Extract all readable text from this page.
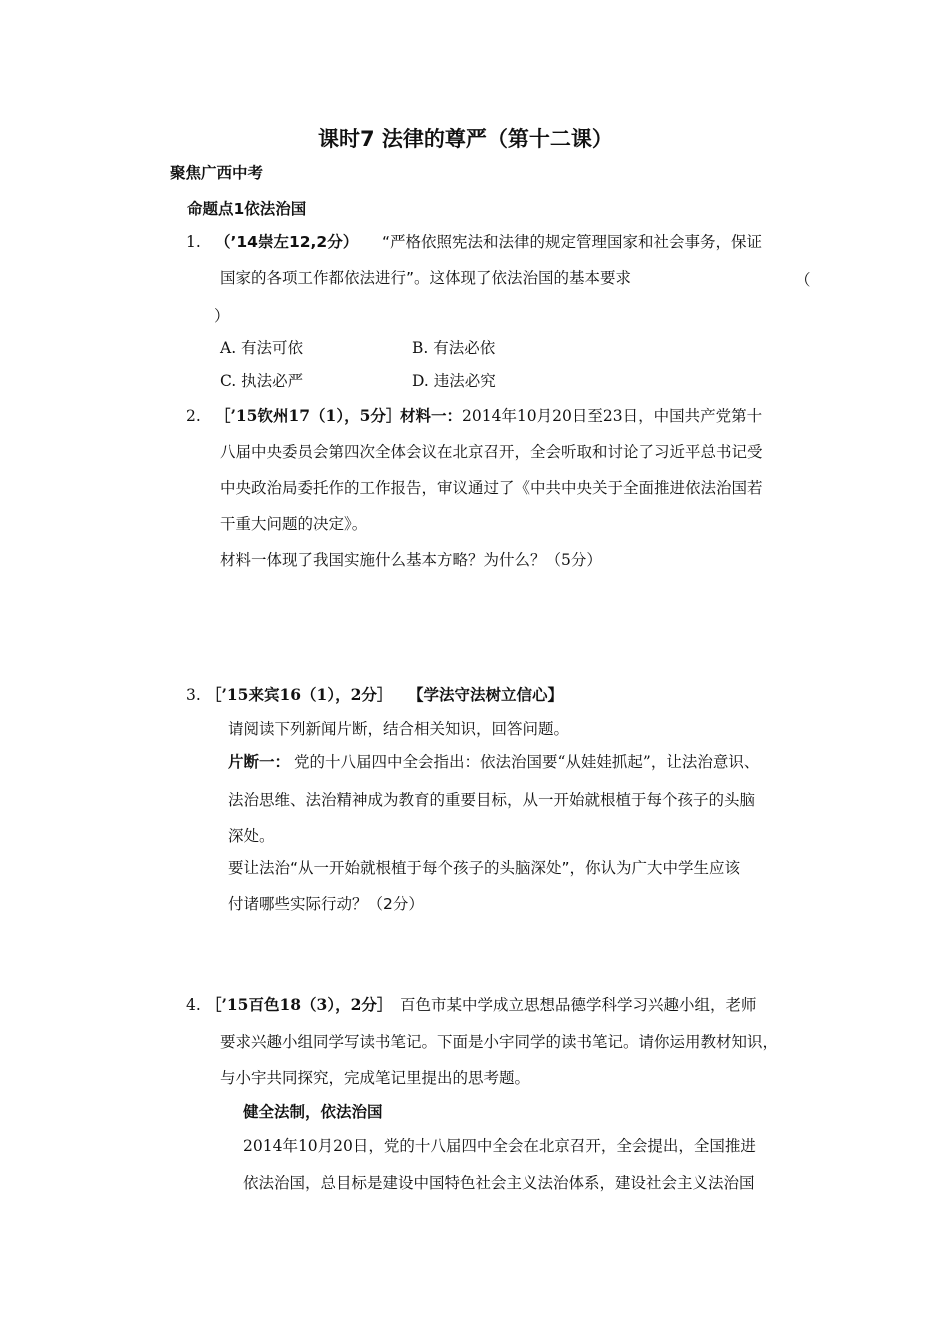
课时7 法律的尊严（第十二课）
聚焦广西中考
命题点1依法治国
1. （’14崇左12,2分） “严格依照宪法和法律的规定管理国家和社会事务，保证
国家的各项工作都依法进行”。这体现了依法治国的基本要求	（
）
A. 有法可依	B. 有法必依
C. 执法必严	D. 违法必究
2. ［’15钦州17（1），5分］
材料一： 2014年10月20日至23日，中国共产党第十
八届中央委员会第四次全体会议在北京召开，全会听取和讨论了习近平总书记受
中央政治局委托作的工作报告，审议通过了《中共中央关于全面推进依法治国若
干重大问题的决定》。
材料一体现了我国实施什么基本方略？为什么？（5分）
3. ［’15来宾16（1），2分］ 【学法守法树立信心】
请阅读下列新闻片断，结合相关知识，回答问题。
片断一： 党的十八届四中全会指出：依法治国要“从娃娃抓起”，让法治意识、
法治思维、法治精神成为教育的重要目标，从一开始就根植于每个孩子的头脑
深处。
要让法治“从一开始就根植于每个孩子的头脑深处”，你认为广大中学生应该
付诸哪些实际行动？（2分）
4. ［’15百色18（3），2分］ 百色市某中学成立思想品德学科学习兴趣小组，老师
要求兴趣小组同学写读书笔记。下面是小宇同学的读书笔记。请你运用教材知识，
与小宇共同探究，完成笔记里提出的思考题。
健全法制，依法治国
2014年10月20日，党的十八届四中全会在北京召开，全会提出，全国推进
依法治国，总目标是建设中国特色社会主义法治体系，建设社会主义法治国
